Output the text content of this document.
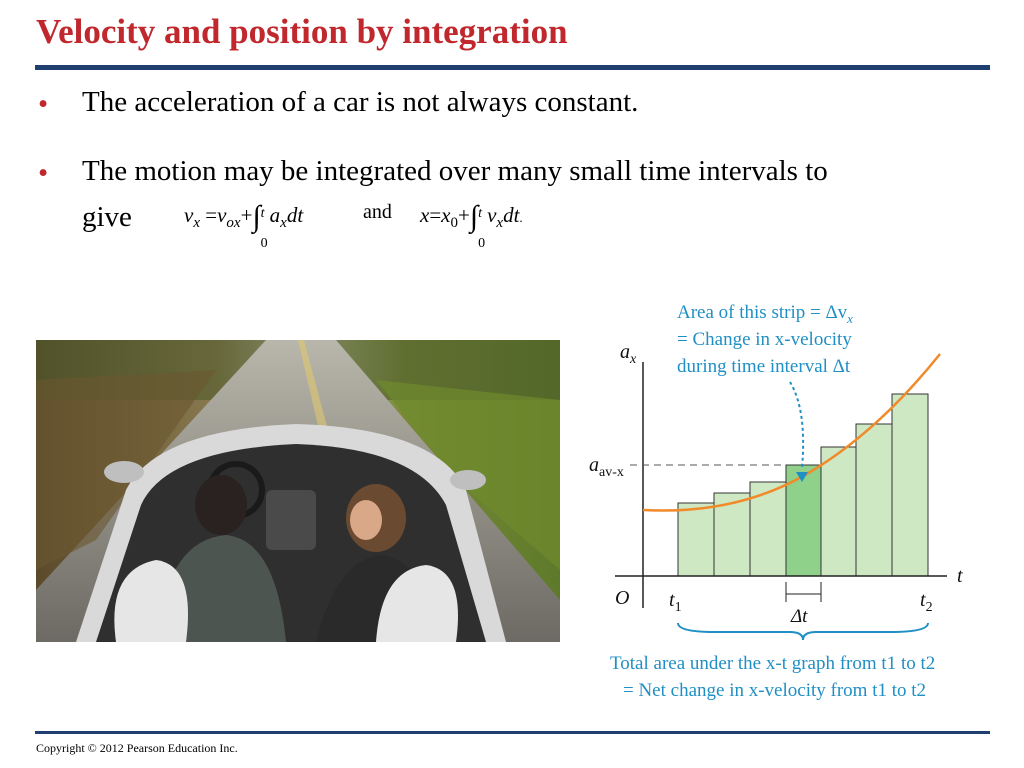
Velocity and position by integration
• The acceleration of a car is not always constant.
• The motion may be integrated over many small time intervals to
give $v_x =v_{ox}+\int$ t
0
$a_xdt$	and $x=x_0+\int$ t
0
$v_xdt$.
Area of this strip = $\Delta v_x$
= Change in x-velocity
during time interval Δt
$a_x$
$a_{av-x}$
t
O $t_1$	$t_2$
Δt
Total area under the x-t graph from t1 to t2
= Net change in x-velocity from t1 to t2
Copyright © 2012 Pearson Education Inc.
